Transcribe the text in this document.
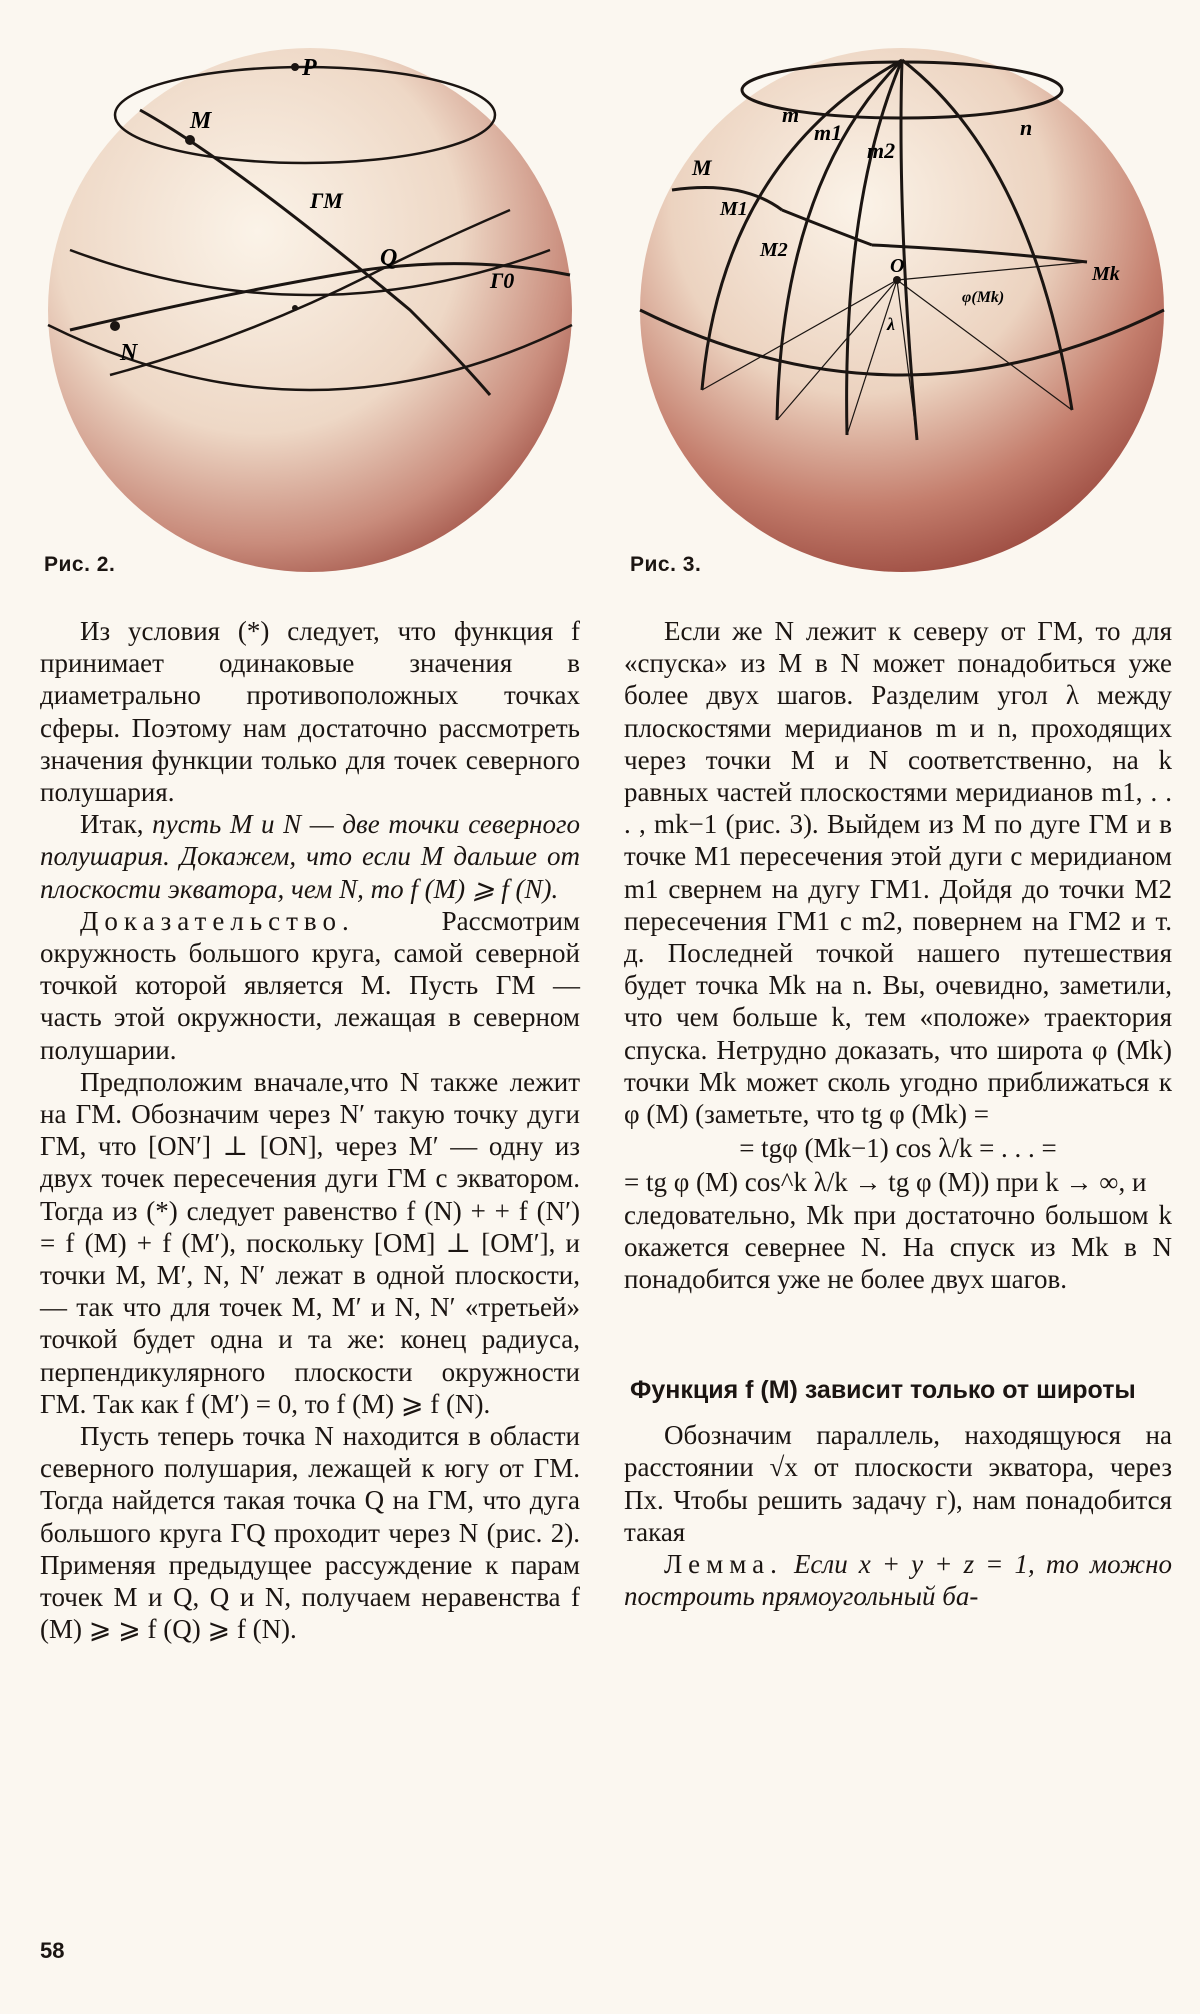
P
M
ГM
Q
Г0
N
Рис. 2.
m
m1
m2
n
M
M1
M2
O	Mk
φ(Mk)
λ
Рис. 3.

Из условия (*) следует, что функция f принимает одинаковые значения в диаметрально противоположных точках сферы. Поэтому нам достаточно рассмотреть значения функции только для точек северного полушария.

Итак, пусть M и N — две точки северного полушария. Докажем, что если M дальше от плоскости экватора, чем N, то f (M) ⩾ f (N).

Доказательство. Рассмотрим окружность большого круга, самой северной точкой которой является M. Пусть ГM — часть этой окружности, лежащая в северном полушарии.

Предположим вначале,что N также лежит на ГM. Обозначим через N′ такую точку дуги ГM, что [ON′] ⊥ [ON], через M′ — одну из двух точек пересечения дуги ГM с экватором. Тогда из (*) следует равенство f (N) + + f (N′) = f (M) + f (M′), поскольку [OM] ⊥ [OM′], и точки M, M′, N, N′ лежат в одной плоскости, — так что для точек M, M′ и N, N′ «третьей» точкой будет одна и та же: конец радиуса, перпендикулярного плоскости окружности ГM. Так как f (M′) = 0, то f (M) ⩾ f (N).

Пусть теперь точка N находится в области северного полушария, лежащей к югу от ГM. Тогда найдется такая точка Q на ГM, что дуга большого круга ГQ проходит через N (рис. 2). Применяя предыдущее рассуждение к парам точек M и Q, Q и N, получаем неравенства f (M) ⩾ ⩾ f (Q) ⩾ f (N).

Если же N лежит к северу от ГM, то для «спуска» из M в N может понадобиться уже более двух шагов. Разделим угол λ между плоскостями меридианов m и n, проходящих через точки M и N соответственно, на k равных частей плоскостями меридианов m1, . . . , mk−1 (рис. 3). Выйдем из M по дуге ГM и в точке M1 пересечения этой дуги с меридианом m1 свернем на дугу ГM1. Дойдя до точки M2 пересечения ГM1 с m2, повернем на ГM2 и т. д. Последней точкой нашего путешествия будет точка Mk на n. Вы, очевидно, заметили, что чем больше k, тем «положе» траектория спуска. Нетрудно доказать, что широта φ (Mk) точки Mk может сколь угодно приближаться к φ (M) (заметьте, что tg φ (Mk) =

= tgφ (Mk−1) cos λ/k = . . . =

= tg φ (M) cos^k λ/k → tg φ (M)) при k → ∞, и

следовательно, Mk при достаточно большом k окажется севернее N. На спуск из Mk в N понадобится уже не более двух шагов.

Функция f (M) зависит только от широты

Обозначим параллель, находящуюся на расстоянии √x от плоскости экватора, через Пx. Чтобы решить задачу г), нам понадобится такая

Лемма. Если x + y + z = 1, то можно построить прямоугольный ба-

58
